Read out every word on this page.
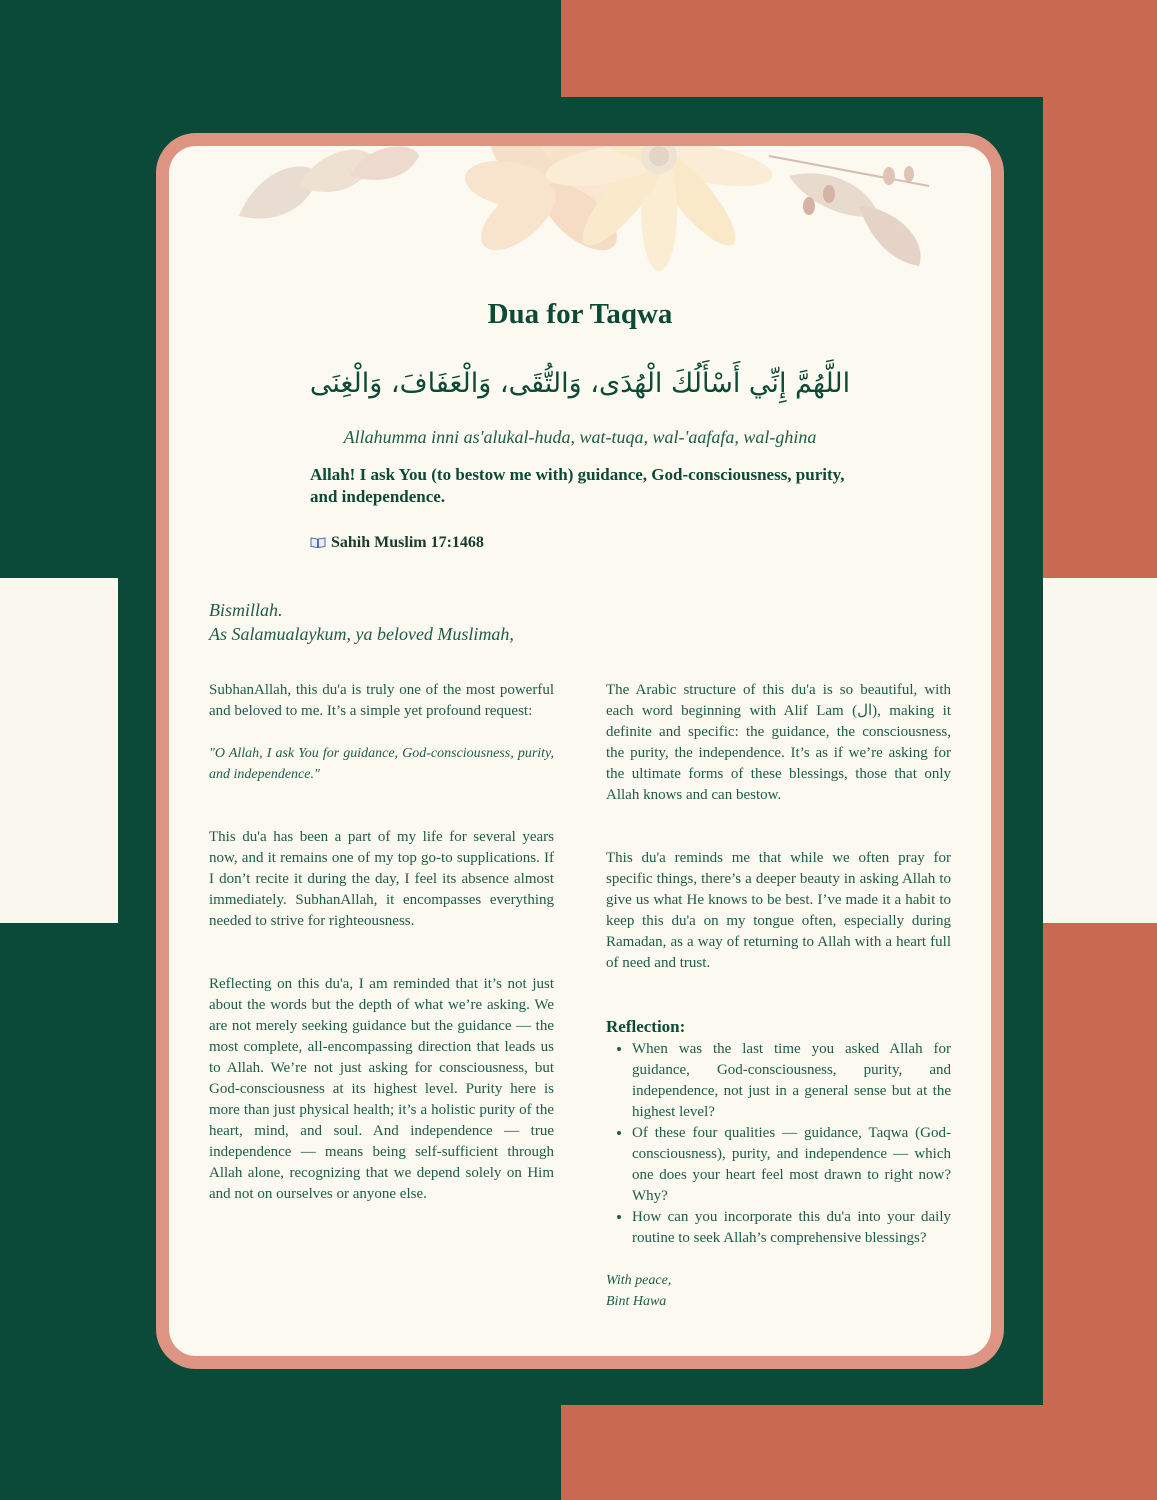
Dua for Taqwa
اللَّهُمَّ إِنِّي أَسْأَلُكَ الْهُدَى، وَالتُّقَى، وَالْعَفَافَ، وَالْغِنَى
Allahumma inni as'alukal-huda, wat-tuqa, wal-'aafafa, wal-ghina
Allah! I ask You (to bestow me with) guidance, God-consciousness, purity, and independence.
Sahih Muslim 17:1468
Bismillah.
As Salamualaykum, ya beloved Muslimah,

SubhanAllah, this du'a is truly one of the most powerful and beloved to me. It’s a simple yet profound request:

"O Allah, I ask You for guidance, God-consciousness, purity, and independence."

This du'a has been a part of my life for several years now, and it remains one of my top go-to supplications. If I don’t recite it during the day, I feel its absence almost immediately. SubhanAllah, it encompasses everything needed to strive for righteousness.

Reflecting on this du'a, I am reminded that it’s not just about the words but the depth of what we’re asking. We are not merely seeking guidance but the guidance — the most complete, all-encompassing direction that leads us to Allah. We’re not just asking for consciousness, but God-consciousness at its highest level. Purity here is more than just physical health; it’s a holistic purity of the heart, mind, and soul. And independence — true independence — means being self-sufficient through Allah alone, recognizing that we depend solely on Him and not on ourselves or anyone else.

The Arabic structure of this du'a is so beautiful, with each word beginning with Alif Lam (ال), making it definite and specific: the guidance, the consciousness, the purity, the independence. It’s as if we’re asking for the ultimate forms of these blessings, those that only Allah knows and can bestow.

This du'a reminds me that while we often pray for specific things, there’s a deeper beauty in asking Allah to give us what He knows to be best. I’ve made it a habit to keep this du'a on my tongue often, especially during Ramadan, as a way of returning to Allah with a heart full of need and trust.

Reflection:
• When was the last time you asked Allah for guidance, God-consciousness, purity, and independence, not just in a general sense but at the highest level?
• Of these four qualities — guidance, Taqwa (God-consciousness), purity, and independence — which one does your heart feel most drawn to right now? Why?
• How can you incorporate this du'a into your daily routine to seek Allah’s comprehensive blessings?

With peace,
Bint Hawa
